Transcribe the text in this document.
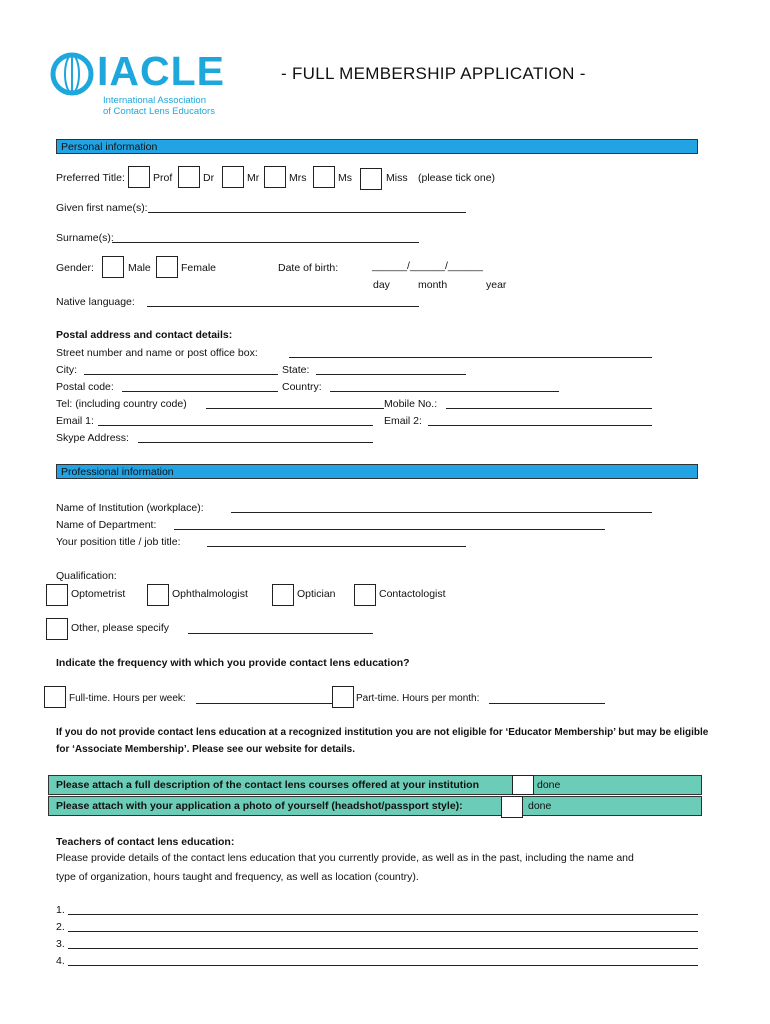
IACLE
International Association
of Contact Lens Educators
- FULL MEMBERSHIP APPLICATION -
Personal information
Preferred Title:	Prof	Dr	Mr	Mrs	Ms	Miss (please tick one)
Given first name(s):
Surname(s):
Gender:	Male	Female	Date of birth:	______/______/______
day	month	year
Native language:
Postal address and contact details:
Street number and name or post office box:
City:	State:
Postal code:	Country:
Tel: (including country code)	Mobile No.:
Email 1:	Email 2:
Skype Address:
Professional information
Name of Institution (workplace):
Name of Department:
Your position title / job title:
Qualification:
Optometrist	Ophthalmologist	Optician	Contactologist
Other, please specify
Indicate the frequency with which you provide contact lens education?
Full-time. Hours per week:	Part-time. Hours per month:
If you do not provide contact lens education at a recognized institution you are not eligible for ‘Educator Membership’ but may be eligible
for ‘Associate Membership’. Please see our website for details.
Please attach a full description of the contact lens courses offered at your institution	done
Please attach with your application a photo of yourself (headshot/passport style):	done
Teachers of contact lens education:
Please provide details of the contact lens education that you currently provide, as well as in the past, including the name and
type of organization, hours taught and frequency, as well as location (country).
1.
2.
3.
4.
